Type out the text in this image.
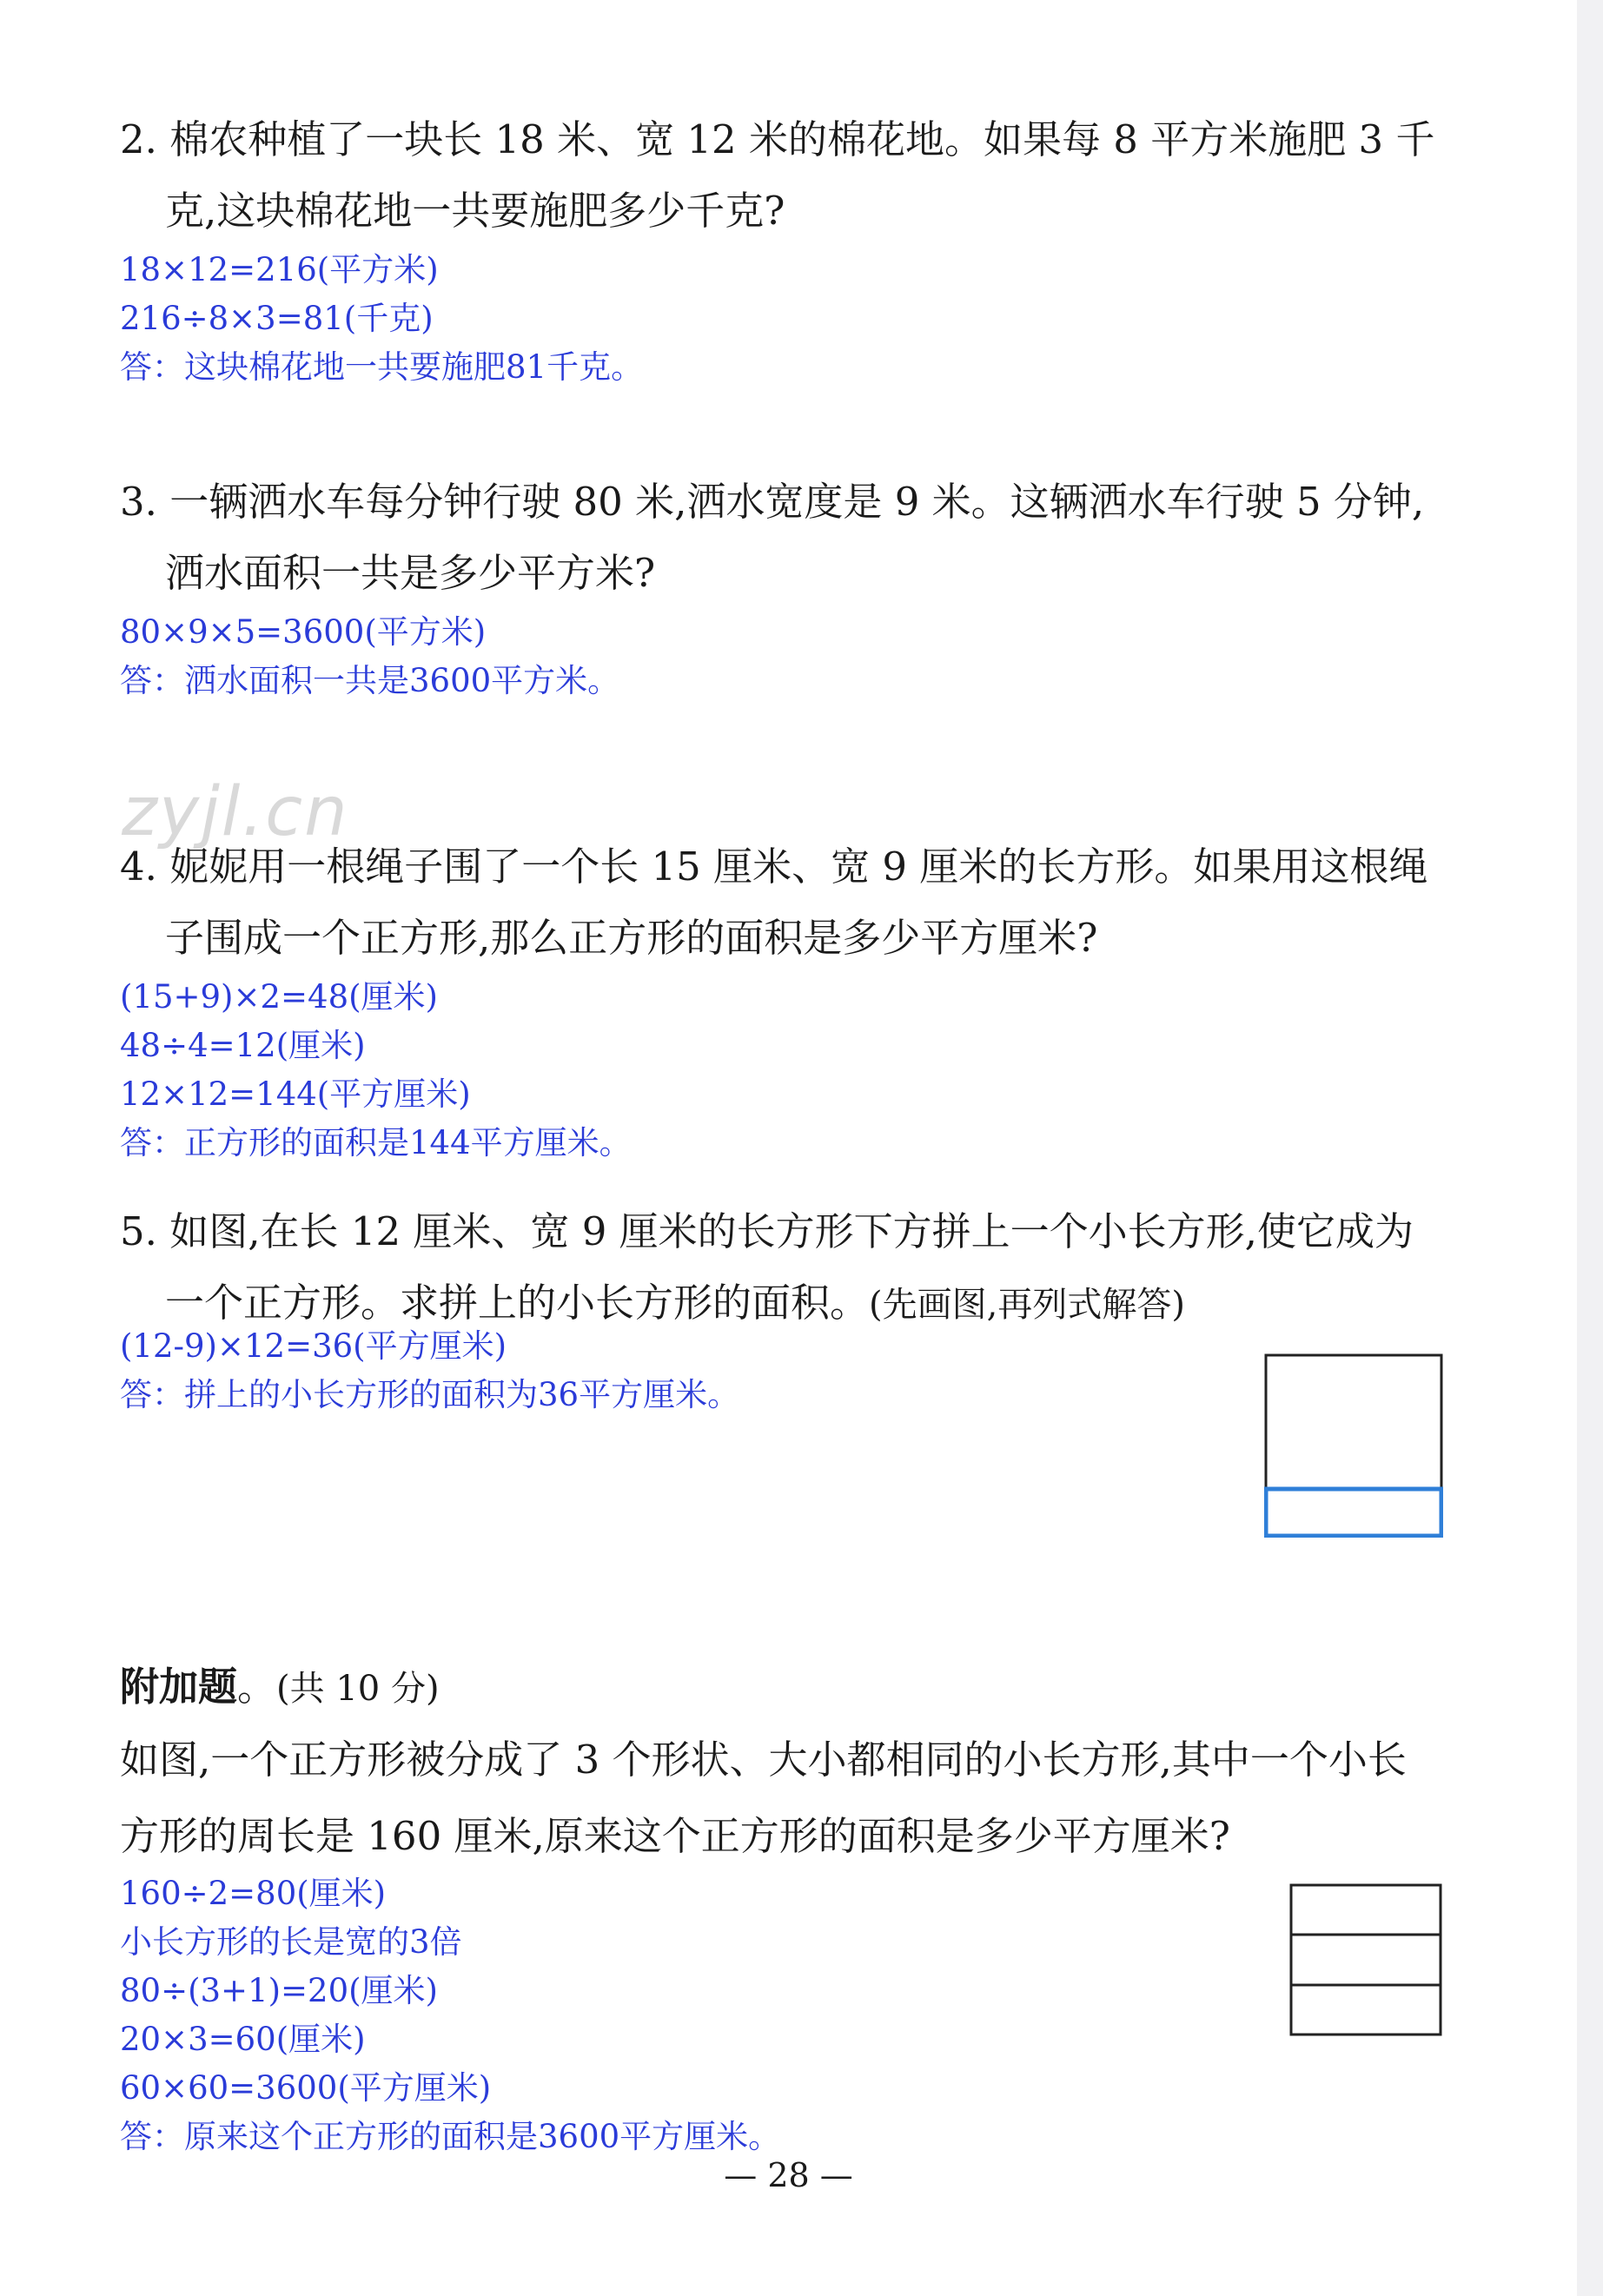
2. 棉农种植了一块长 18 米、宽 12 米的棉花地。如果每 8 平方米施肥 3 千
克,这块棉花地一共要施肥多少千克?
18×12=216(平方米)
216÷8×3=81(千克)
答：这块棉花地一共要施肥81千克。
3. 一辆洒水车每分钟行驶 80 米,洒水宽度是 9 米。这辆洒水车行驶 5 分钟,
洒水面积一共是多少平方米?
80×9×5=3600(平方米)
答：洒水面积一共是3600平方米。
zyjl.cn
4. 妮妮用一根绳子围了一个长 15 厘米、宽 9 厘米的长方形。如果用这根绳
子围成一个正方形,那么正方形的面积是多少平方厘米?
(15+9)×2=48(厘米)
48÷4=12(厘米)
12×12=144(平方厘米)
答：正方形的面积是144平方厘米。
5. 如图,在长 12 厘米、宽 9 厘米的长方形下方拼上一个小长方形,使它成为
一个正方形。求拼上的小长方形的面积。(先画图,再列式解答)
(12-9)×12=36(平方厘米)
答：拼上的小长方形的面积为36平方厘米。
附加题。(共 10 分)
如图,一个正方形被分成了 3 个形状、大小都相同的小长方形,其中一个小长
方形的周长是 160 厘米,原来这个正方形的面积是多少平方厘米?
160÷2=80(厘米)
小长方形的长是宽的3倍
80÷(3+1)=20(厘米)
20×3=60(厘米)
60×60=3600(平方厘米)
答：原来这个正方形的面积是3600平方厘米。
— 28 —
